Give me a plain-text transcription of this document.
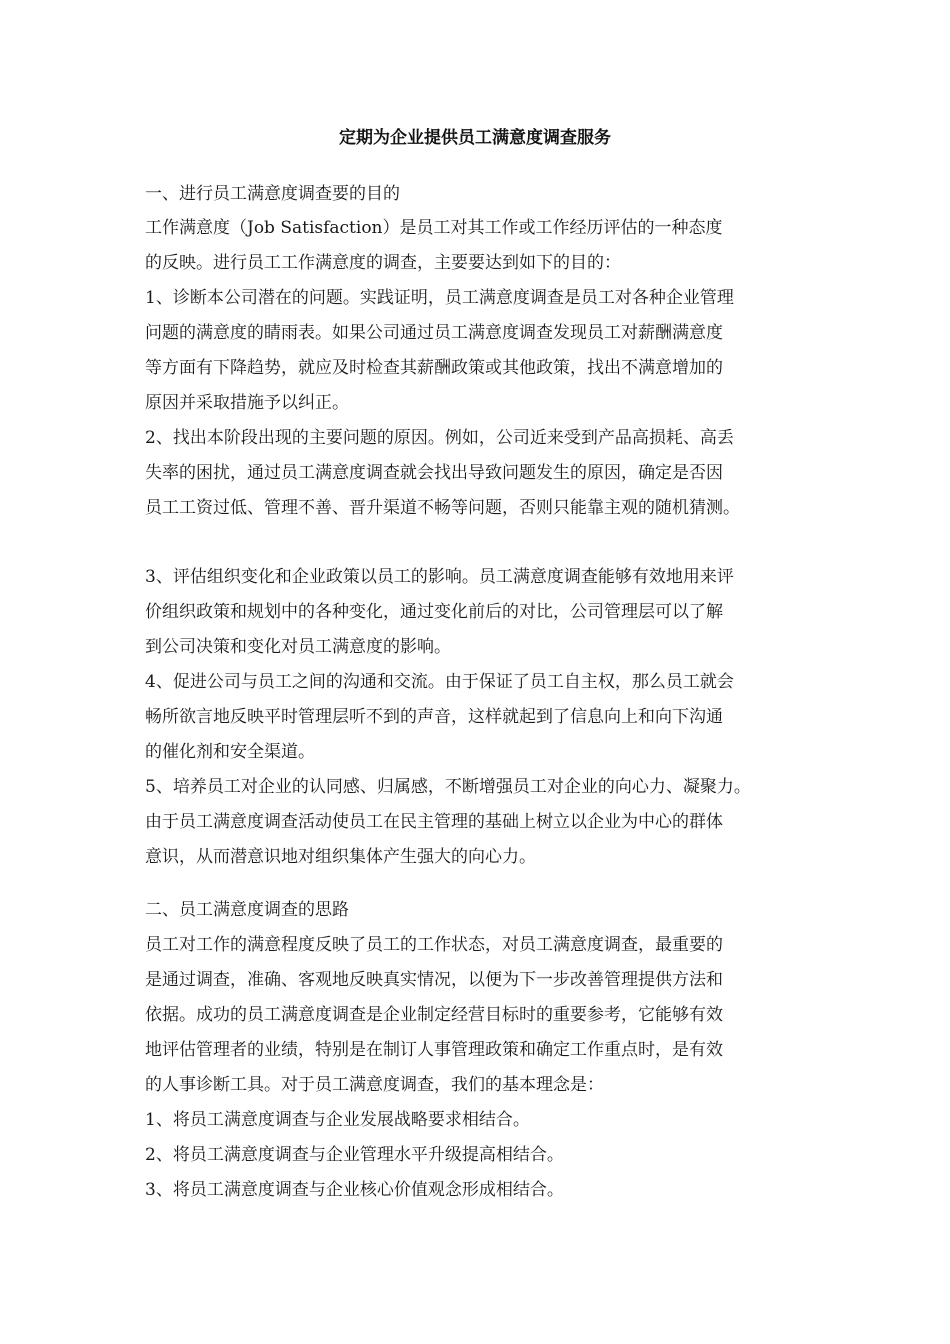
定期为企业提供员工满意度调查服务
一、进行员工满意度调查要的目的
工作满意度（Job Satisfaction）是员工对其工作或工作经历评估的一种态度
的反映。进行员工工作满意度的调查，主要要达到如下的目的：
1、诊断本公司潜在的问题。实践证明，员工满意度调查是员工对各种企业管理
问题的满意度的睛雨表。如果公司通过员工满意度调查发现员工对薪酬满意度
等方面有下降趋势，就应及时检查其薪酬政策或其他政策，找出不满意增加的
原因并采取措施予以纠正。
2、找出本阶段出现的主要问题的原因。例如，公司近来受到产品高损耗、高丢
失率的困扰，通过员工满意度调查就会找出导致问题发生的原因，确定是否因
员工工资过低、管理不善、晋升渠道不畅等问题，否则只能靠主观的随机猜测。
3、评估组织变化和企业政策以员工的影响。员工满意度调查能够有效地用来评
价组织政策和规划中的各种变化，通过变化前后的对比，公司管理层可以了解
到公司决策和变化对员工满意度的影响。
4、促进公司与员工之间的沟通和交流。由于保证了员工自主权，那么员工就会
畅所欲言地反映平时管理层听不到的声音，这样就起到了信息向上和向下沟通
的催化剂和安全渠道。
5、培养员工对企业的认同感、归属感，不断增强员工对企业的向心力、凝聚力。
由于员工满意度调查活动使员工在民主管理的基础上树立以企业为中心的群体
意识，从而潜意识地对组织集体产生强大的向心力。
二、员工满意度调查的思路
员工对工作的满意程度反映了员工的工作状态，对员工满意度调查，最重要的
是通过调查，准确、客观地反映真实情况，以便为下一步改善管理提供方法和
依据。成功的员工满意度调查是企业制定经营目标时的重要参考，它能够有效
地评估管理者的业绩，特别是在制订人事管理政策和确定工作重点时，是有效
的人事诊断工具。对于员工满意度调查，我们的基本理念是：
1、将员工满意度调查与企业发展战略要求相结合。
2、将员工满意度调查与企业管理水平升级提高相结合。
3、将员工满意度调查与企业核心价值观念形成相结合。
